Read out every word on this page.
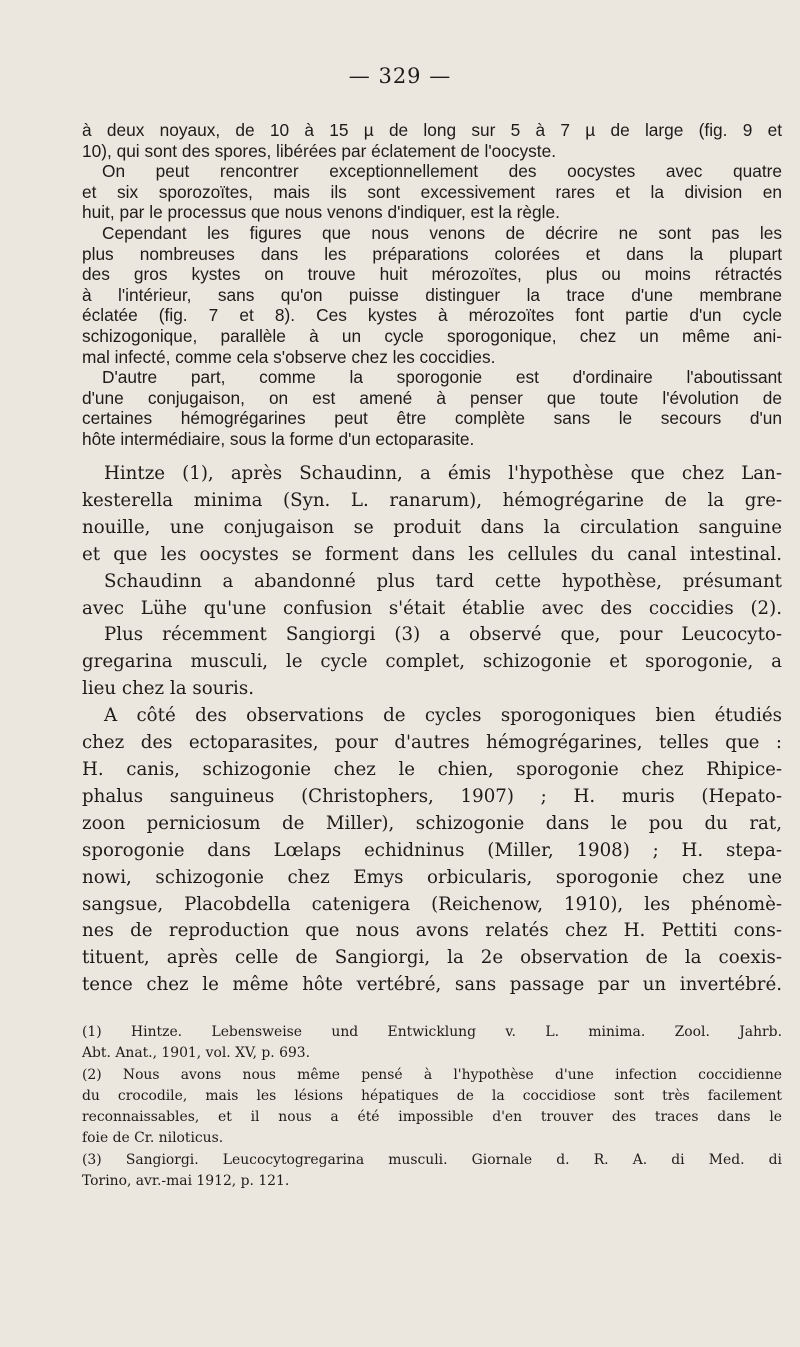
— 329 —
à deux noyaux, de 10 à 15 µ de long sur 5 à 7 µ de large (fig. 9 et
10), qui sont des spores, libérées par éclatement de l'oocyste.
On peut rencontrer exceptionnellement des oocystes avec quatre
et six sporozoïtes, mais ils sont excessivement rares et la division en
huit, par le processus que nous venons d'indiquer, est la règle.
Cependant les figures que nous venons de décrire ne sont pas les
plus nombreuses dans les préparations colorées et dans la plupart
des gros kystes on trouve huit mérozoïtes, plus ou moins rétractés
à l'intérieur, sans qu'on puisse distinguer la trace d'une membrane
éclatée (fig. 7 et 8). Ces kystes à mérozoïtes font partie d'un cycle
schizogonique, parallèle à un cycle sporogonique, chez un même ani-
mal infecté, comme cela s'observe chez les coccidies.
D'autre part, comme la sporogonie est d'ordinaire l'aboutissant
d'une conjugaison, on est amené à penser que toute l'évolution de
certaines hémogrégarines peut être complète sans le secours d'un
hôte intermédiaire, sous la forme d'un ectoparasite.
Hintze (1), après Schaudinn, a émis l'hypothèse que chez Lan-
kesterella minima (Syn. L. ranarum), hémogrégarine de la gre-
nouille, une conjugaison se produit dans la circulation sanguine
et que les oocystes se forment dans les cellules du canal intestinal.
Schaudinn a abandonné plus tard cette hypothèse, présumant
avec Lühe qu'une confusion s'était établie avec des coccidies (2).
Plus récemment Sangiorgi (3) a observé que, pour Leucocyto-
gregarina musculi, le cycle complet, schizogonie et sporogonie, a
lieu chez la souris.
A côté des observations de cycles sporogoniques bien étudiés
chez des ectoparasites, pour d'autres hémogrégarines, telles que :
H. canis, schizogonie chez le chien, sporogonie chez Rhipice-
phalus sanguineus (Christophers, 1907) ; H. muris (Hepato-
zoon perniciosum de Miller), schizogonie dans le pou du rat,
sporogonie dans Lœlaps echidninus (Miller, 1908) ; H. stepa-
nowi, schizogonie chez Emys orbicularis, sporogonie chez une
sangsue, Placobdella catenigera (Reichenow, 1910), les phénomè-
nes de reproduction que nous avons relatés chez H. Pettiti cons-
tituent, après celle de Sangiorgi, la 2e observation de la coexis-
tence chez le même hôte vertébré, sans passage par un invertébré.
(1) Hintze. Lebensweise und Entwicklung v. L. minima. Zool. Jahrb.
Abt. Anat., 1901, vol. XV, p. 693.
(2) Nous avons nous même pensé à l'hypothèse d'une infection coccidienne
du crocodile, mais les lésions hépatiques de la coccidiose sont très facilement
reconnaissables, et il nous a été impossible d'en trouver des traces dans le
foie de Cr. niloticus.
(3) Sangiorgi. Leucocytogregarina musculi. Giornale d. R. A. di Med. di
Torino, avr.-mai 1912, p. 121.
